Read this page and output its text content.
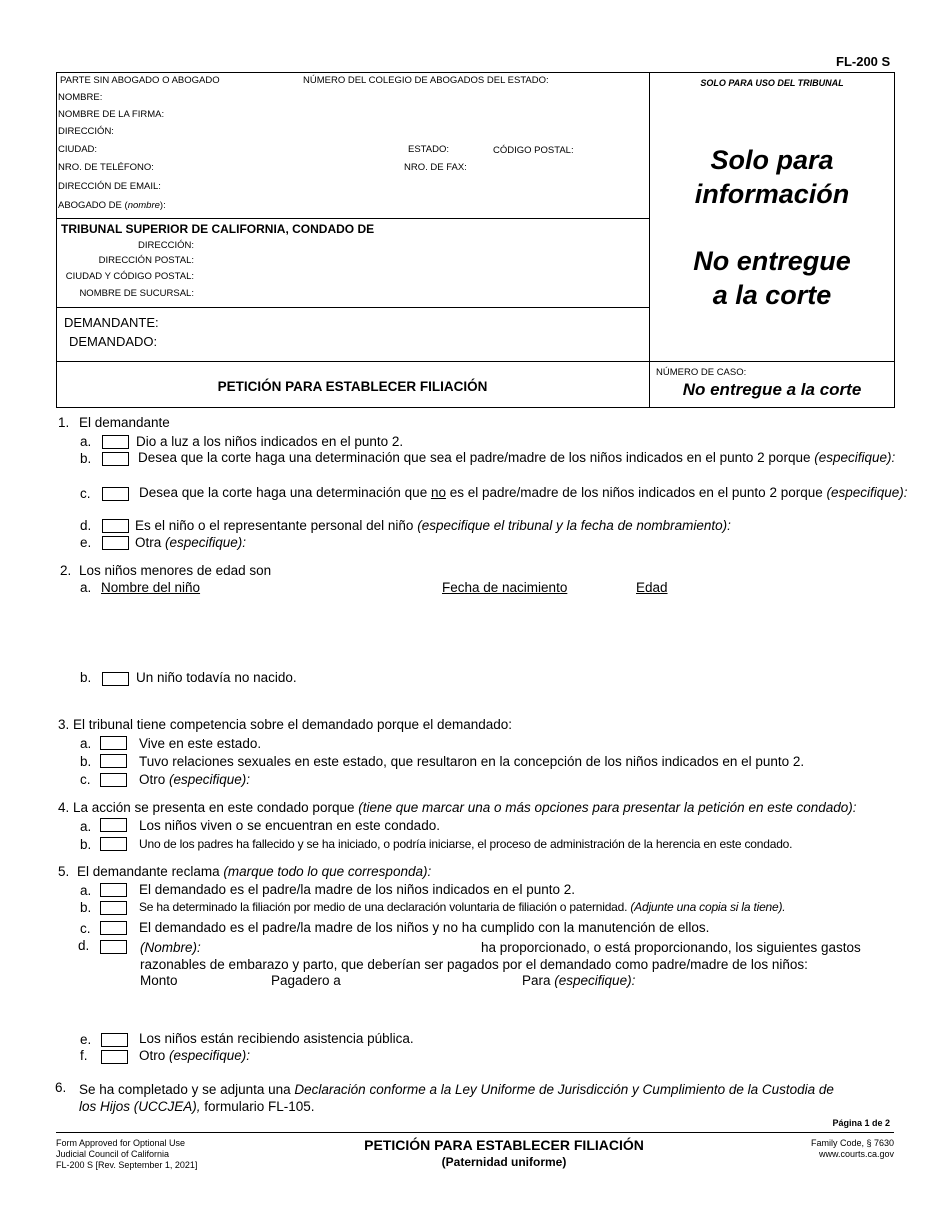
FL-200 S
PARTE SIN ABOGADO O ABOGADO	NÚMERO DEL COLEGIO DE ABOGADOS DEL ESTADO:
NOMBRE:
NOMBRE DE LA FIRMA:
DIRECCIÓN:
CIUDAD:	ESTADO:	CÓDIGO POSTAL:
NRO. DE TELÉFONO:	NRO. DE FAX:
DIRECCIÓN DE EMAIL:
ABOGADO DE (nombre):
TRIBUNAL SUPERIOR DE CALIFORNIA, CONDADO DE
DIRECCIÓN:
DIRECCIÓN POSTAL:
CIUDAD Y CÓDIGO POSTAL:
NOMBRE DE SUCURSAL:
DEMANDANTE:
DEMANDADO:
PETICIÓN PARA ESTABLECER FILIACIÓN
SOLO PARA USO DEL TRIBUNAL
Solo para
información
No entregue
a la corte
NÚMERO DE CASO:
No entregue a la corte
1. El demandante
a.	Dio a luz a los niños indicados en el punto 2.
b.	Desea que la corte haga una determinación que sea el padre/madre de los niños indicados en el punto 2 porque (especifique):
c.	Desea que la corte haga una determinación que no es el padre/madre de los niños indicados en el punto 2 porque (especifique):
d.	Es el niño o el representante personal del niño (especifique el tribunal y la fecha de nombramiento):
e.	Otra (especifique):
2. Los niños menores de edad son
a. Nombre del niño	Fecha de nacimiento	Edad
b.	Un niño todavía no nacido.
3. El tribunal tiene competencia sobre el demandado porque el demandado:
a.	Vive en este estado.
b.	Tuvo relaciones sexuales en este estado, que resultaron en la concepción de los niños indicados en el punto 2.
c.	Otro (especifique):
4. La acción se presenta en este condado porque (tiene que marcar una o más opciones para presentar la petición en este condado):
a.	Los niños viven o se encuentran en este condado.
b.	Uno de los padres ha fallecido y se ha iniciado, o podría iniciarse, el proceso de administración de la herencia en este condado.
5. El demandante reclama (marque todo lo que corresponda):
a.	El demandado es el padre/la madre de los niños indicados en el punto 2.
b.	Se ha determinado la filiación por medio de una declaración voluntaria de filiación o paternidad. (Adjunte una copia si la tiene).
c.	El demandado es el padre/la madre de los niños y no ha cumplido con la manutención de ellos.
d.	(Nombre):	ha proporcionado, o está proporcionando, los siguientes gastos
razonables de embarazo y parto, que deberían ser pagados por el demandado como padre/madre de los niños:
Monto	Pagadero a	Para (especifique):
e.	Los niños están recibiendo asistencia pública.
f.	Otro (especifique):
6. Se ha completado y se adjunta una Declaración conforme a la Ley Uniforme de Jurisdicción y Cumplimiento de la Custodia de
los Hijos (UCCJEA), formulario FL-105.
Página 1 de 2
Form Approved for Optional Use
Judicial Council of California
FL-200 S [Rev. September 1, 2021]
PETICIÓN PARA ESTABLECER FILIACIÓN
(Paternidad uniforme)
Family Code, § 7630
www.courts.ca.gov
